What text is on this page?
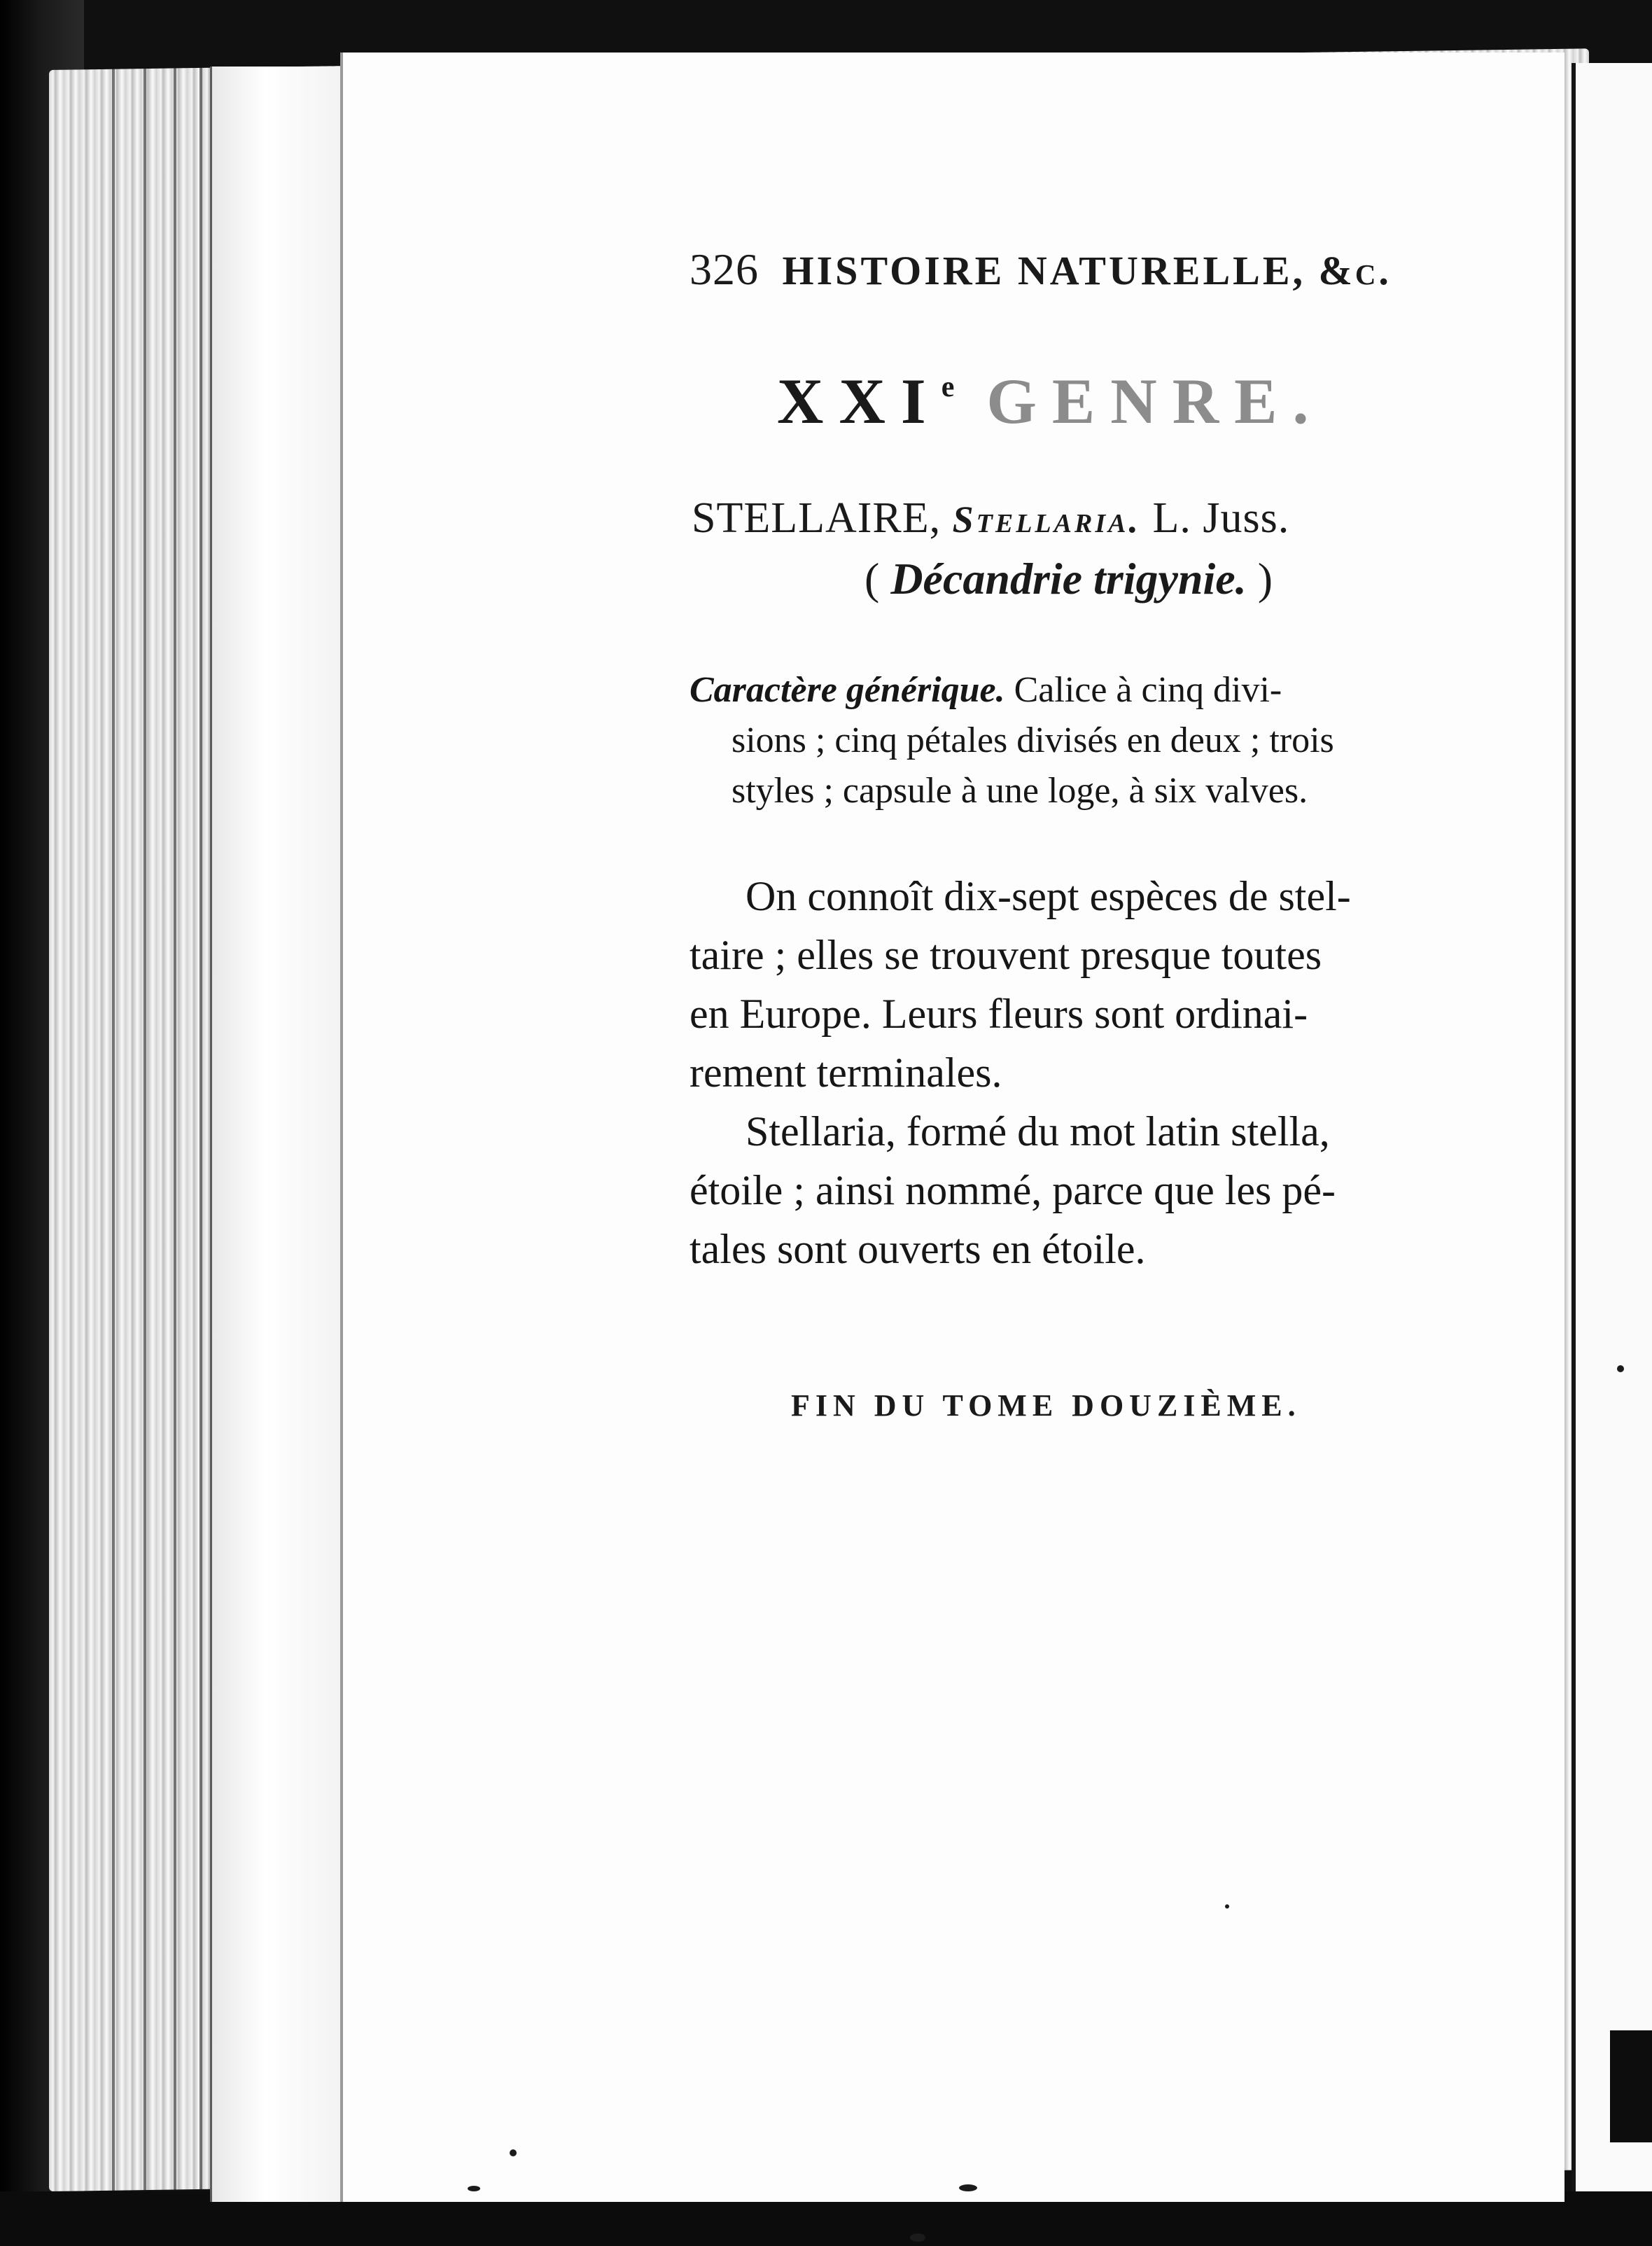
326 HISTOIRE NATURELLE, &c.
XXIe GENRE.
STELLAIRE, Stellaria. L. Juss.
( Décandrie trigynie. )
Caractère générique. Calice à cinq divi-
sions ; cinq pétales divisés en deux ; trois
styles ; capsule à une loge, à six valves.
On connoît dix-sept espèces de stel-
taire ; elles se trouvent presque toutes
en Europe. Leurs fleurs sont ordinai-
rement terminales.
Stellaria, formé du mot latin stella,
étoile ; ainsi nommé, parce que les pé-
tales sont ouverts en étoile.
FIN DU TOME DOUZIÈME.
